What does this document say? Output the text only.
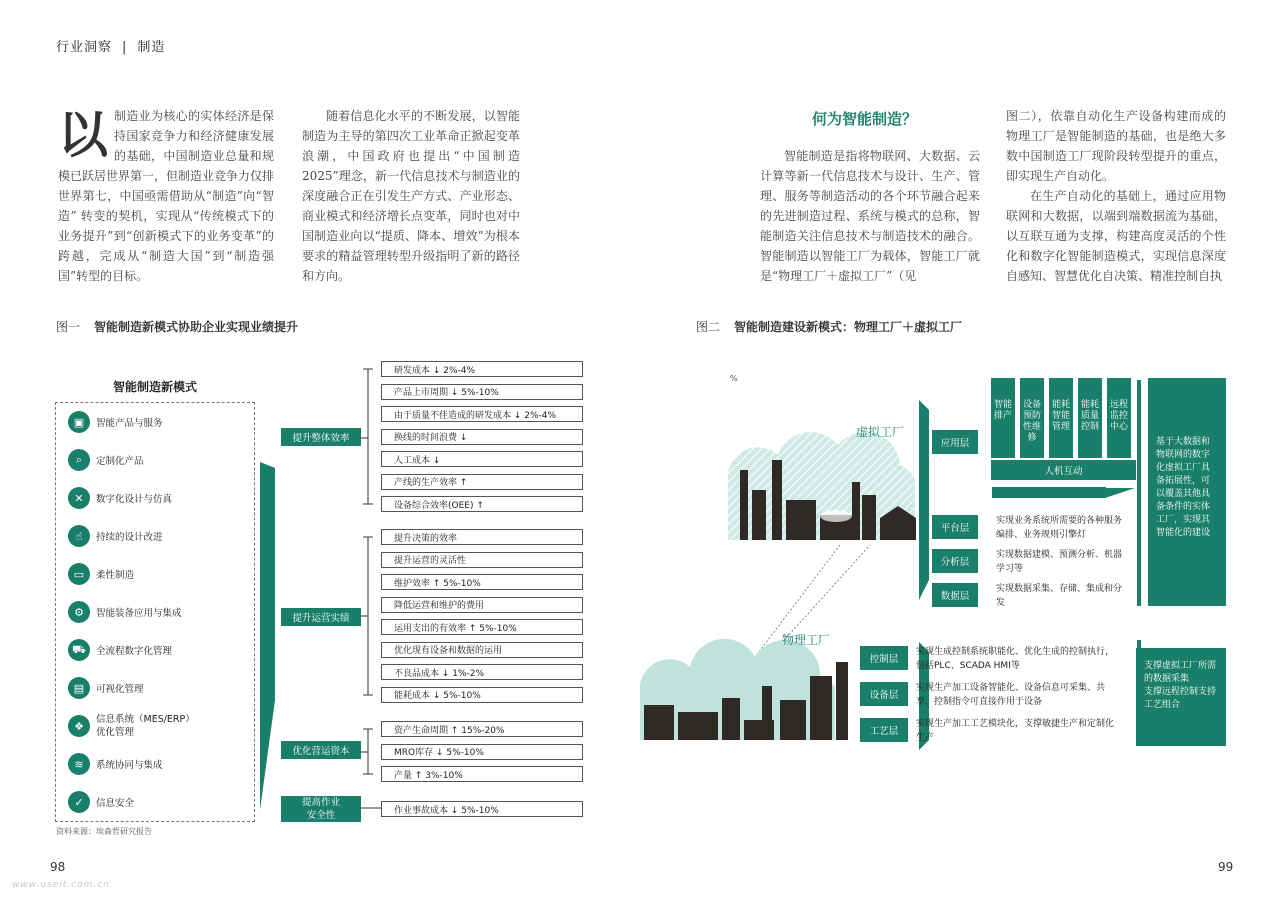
行业洞察 | 制造
以制造业为核心的实体经济是保持国家竞争力和经济健康发展的基础，中国制造业总量和规模已跃居世界第一，但制造业竞争力仅排世界第七，中国亟需借助从“制造”向“智造” 转变的契机，实现从“传统模式下的业务提升”到“创新模式下的业务变革”的跨越，完成从“制造大国”到“制造强国”转型的目标。
随着信息化水平的不断发展，以智能制造为主导的第四次工业革命正掀起变革浪潮，中国政府也提出“中国制造2025”理念，新一代信息技术与制造业的深度融合正在引发生产方式、产业形态、商业模式和经济增长点变革，同时也对中国制造业向以“提质、降本、增效”为根本要求的精益管理转型升级指明了新的路径和方向。
图一 智能制造新模式协助企业实现业绩提升
智能制造新模式
▣	智能产品与服务
⌕	定制化产品
✕	数字化设计与仿真
☝	持续的设计改进
▭	柔性制造
⚙	智能装备应用与集成
⛟	全流程数字化管理
▤	可视化管理
❖	信息系统（MES/ERP）
优化管理
≋	系统协同与集成
✓	信息安全
提升整体效率
研发成本 ↓ 2%-4%
产品上市周期 ↓ 5%-10%
由于质量不佳造成的研发成本 ↓ 2%-4%
换线的时间浪费 ↓
人工成本 ↓
产线的生产效率 ↑
设备综合效率(OEE) ↑
提升运营实绩
提升决策的效率
提升运营的灵活性
维护效率 ↑ 5%-10%
降低运营和维护的费用
运用支出的有效率 ↑ 5%-10%
优化现有设备和数据的运用
不良品成本 ↓ 1%-2%
能耗成本 ↓ 5%-10%
优化营运资本
资产生命周期 ↑ 15%-20%
MRO库存 ↓ 5%-10%
产量 ↑ 3%-10%
提高作业
安全性	作业事故成本 ↓ 5%-10%
资料来源：埃森哲研究报告
98
www.useit.com.cn
何为智能制造？
智能制造是指将物联网、大数据、云计算等新一代信息技术与设计、生产、管理、服务等制造活动的各个环节融合起来的先进制造过程、系统与模式的总称，智能制造关注信息技术与制造技术的融合。智能制造以智能工厂为载体，智能工厂就是“物理工厂＋虚拟工厂”（见
图二），依靠自动化生产设备构建而成的物理工厂是智能制造的基础，也是绝大多数中国制造工厂现阶段转型提升的重点，即实现生产自动化。
在生产自动化的基础上，通过应用物联网和大数据，以端到端数据流为基础，以互联互通为支撑，构建高度灵活的个性化和数字化智能制造模式，实现信息深度自感知、智慧优化自决策、精准控制自执
图二 智能制造建设新模式：物理工厂＋虚拟工厂
%
虚拟工厂
物理工厂
应用层
智能排产
设备预防性维修
能耗智能管理
能耗质量控制
远程监控中心
人机互动
平台层
实现业务系统所需要的各种服务编排、业务规则引擎灯
分析层
实现数据建模、预测分析、机器学习等
数据层
实现数据采集、存储、集成和分发
基于大数据和物联网的数字化虚拟工厂具备拓展性，可以覆盖其他具备条件的实体工厂，实现其智能化的建设
控制层
实现生成控制系统职能化、优化生成的控制执行，包括PLC、SCADA HMI等
设备层
实现生产加工设备智能化、设备信息可采集、共享，控制指令可直接作用于设备
工艺层
实现生产加工工艺模块化，支撑敏捷生产和定制化生产
支撑虚拟工厂所需的数据采集
支撑远程控制支持工艺组合
99
